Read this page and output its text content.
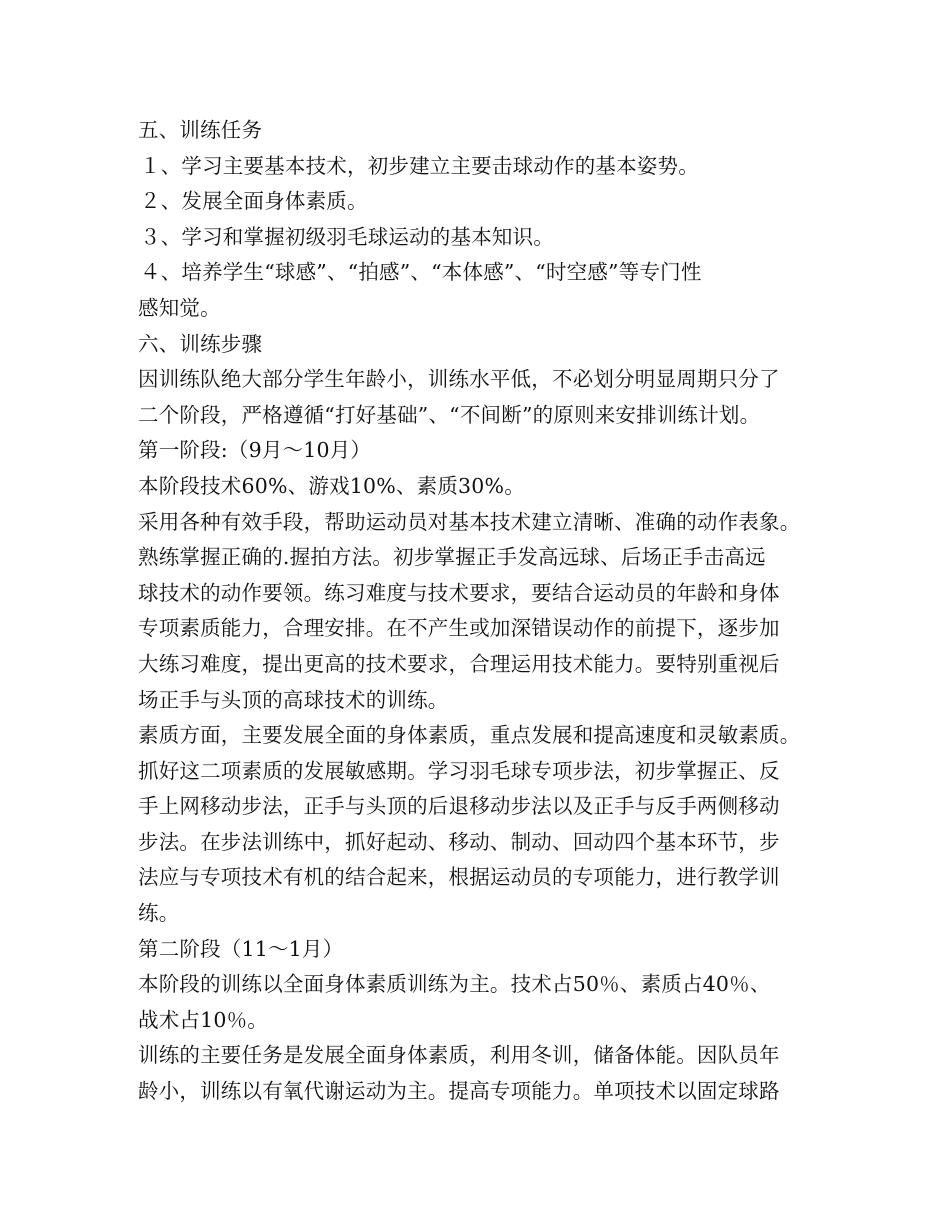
五、训练任务
１、学习主要基本技术，初步建立主要击球动作的基本姿势。
２、发展全面身体素质。
３、学习和掌握初级羽毛球运动的基本知识。
４、培养学生“球感”、“拍感”、“本体感”、“时空感”等专门性
感知觉。
六、训练步骤
因训练队绝大部分学生年龄小，训练水平低，不必划分明显周期只分了
二个阶段，严格遵循“打好基础”、“不间断”的原则来安排训练计划。
第一阶段:（9月～10月）
本阶段技术60%、游戏10%、素质30%。
采用各种有效手段，帮助运动员对基本技术建立清晰、准确的动作表象。
熟练掌握正确的.握拍方法。初步掌握正手发高远球、后场正手击高远
球技术的动作要领。练习难度与技术要求，要结合运动员的年龄和身体
专项素质能力，合理安排。在不产生或加深错误动作的前提下，逐步加
大练习难度，提出更高的技术要求，合理运用技术能力。要特别重视后
场正手与头顶的高球技术的训练。
素质方面，主要发展全面的身体素质，重点发展和提高速度和灵敏素质。
抓好这二项素质的发展敏感期。学习羽毛球专项步法，初步掌握正、反
手上网移动步法，正手与头顶的后退移动步法以及正手与反手两侧移动
步法。在步法训练中，抓好起动、移动、制动、回动四个基本环节，步
法应与专项技术有机的结合起来，根据运动员的专项能力，进行教学训
练。
第二阶段（11～1月）
本阶段的训练以全面身体素质训练为主。技术占50％、素质占40％、
战术占10％。
训练的主要任务是发展全面身体素质，利用冬训，储备体能。因队员年
龄小，训练以有氧代谢运动为主。提高专项能力。单项技术以固定球路
